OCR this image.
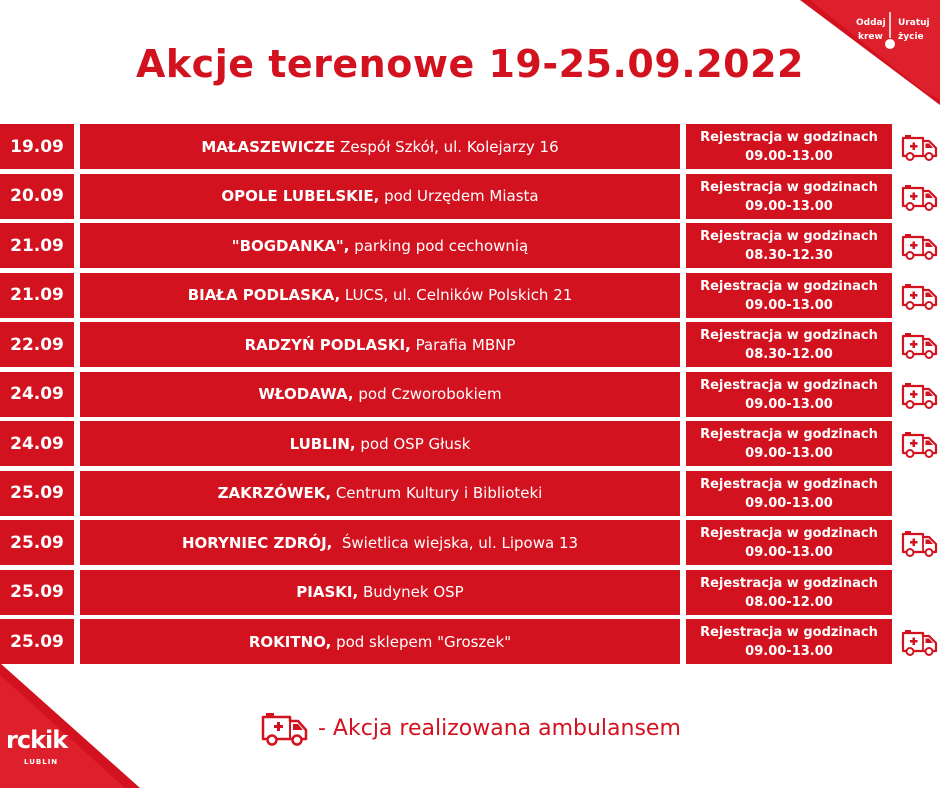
Oddaj Uratuj
krew życie
rckik
LUBLIN
Akcje terenowe 19-25.09.2022
19.09	MAŁASZEWICZE Zespół Szkół, ul. Kolejarzy 16	Rejestracja w godzinach
09.00-13.00
20.09	OPOLE LUBELSKIE, pod Urzędem Miasta	Rejestracja w godzinach
09.00-13.00
21.09	"BOGDANKA", parking pod cechownią	Rejestracja w godzinach
08.30-12.30
21.09	BIAŁA PODLASKA, LUCS, ul. Celników Polskich 21	Rejestracja w godzinach
09.00-13.00
22.09	RADZYŃ PODLASKI, Parafia MBNP	Rejestracja w godzinach
08.30-12.00
24.09	WŁODAWA, pod Czworobokiem	Rejestracja w godzinach
09.00-13.00
24.09	LUBLIN, pod OSP Głusk	Rejestracja w godzinach
09.00-13.00
25.09	ZAKRZÓWEK, Centrum Kultury i Biblioteki	Rejestracja w godzinach
09.00-13.00
25.09	HORYNIEC ZDRÓJ, Świetlica wiejska, ul. Lipowa 13	Rejestracja w godzinach
09.00-13.00
25.09	PIASKI, Budynek OSP	Rejestracja w godzinach
08.00-12.00
25.09	ROKITNO, pod sklepem "Groszek"	Rejestracja w godzinach
09.00-13.00
- Akcja realizowana ambulansem
